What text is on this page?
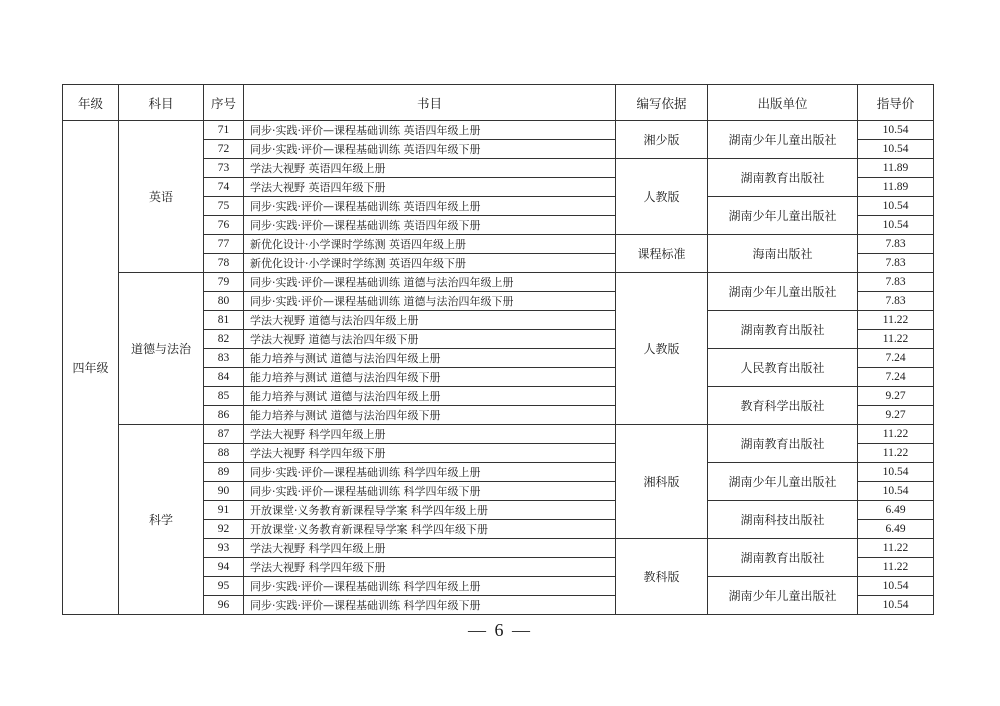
年级	科目	序号	书目	编写依据	出版单位	指导价
四年级	英语	71	同步·实践·评价—课程基础训练 英语四年级上册	湘少版	湖南少年儿童出版社	10.54
		72	同步·实践·评价—课程基础训练 英语四年级下册			10.54
		73	学法大视野 英语四年级上册	人教版	湖南教育出版社	11.89
		74	学法大视野 英语四年级下册			11.89
		75	同步·实践·评价—课程基础训练 英语四年级上册		湖南少年儿童出版社	10.54
		76	同步·实践·评价—课程基础训练 英语四年级下册			10.54
		77	新优化设计·小学课时学练测 英语四年级上册	课程标准	海南出版社	7.83
		78	新优化设计·小学课时学练测 英语四年级下册			7.83
	道德与法治	79	同步·实践·评价—课程基础训练 道德与法治四年级上册	人教版	湖南少年儿童出版社	7.83
		80	同步·实践·评价—课程基础训练 道德与法治四年级下册			7.83
		81	学法大视野 道德与法治四年级上册		湖南教育出版社	11.22
		82	学法大视野 道德与法治四年级下册			11.22
		83	能力培养与测试 道德与法治四年级上册		人民教育出版社	7.24
		84	能力培养与测试 道德与法治四年级下册			7.24
		85	能力培养与测试 道德与法治四年级上册		教育科学出版社	9.27
		86	能力培养与测试 道德与法治四年级下册			9.27
	科学	87	学法大视野 科学四年级上册	湘科版	湖南教育出版社	11.22
		88	学法大视野 科学四年级下册			11.22
		89	同步·实践·评价—课程基础训练 科学四年级上册		湖南少年儿童出版社	10.54
		90	同步·实践·评价—课程基础训练 科学四年级下册			10.54
		91	开放课堂·义务教育新课程导学案 科学四年级上册		湖南科技出版社	6.49
		92	开放课堂·义务教育新课程导学案 科学四年级下册			6.49
		93	学法大视野 科学四年级上册	教科版	湖南教育出版社	11.22
		94	学法大视野 科学四年级下册			11.22
		95	同步·实践·评价—课程基础训练 科学四年级上册		湖南少年儿童出版社	10.54
		96	同步·实践·评价—课程基础训练 科学四年级下册			10.54
— 6 —
